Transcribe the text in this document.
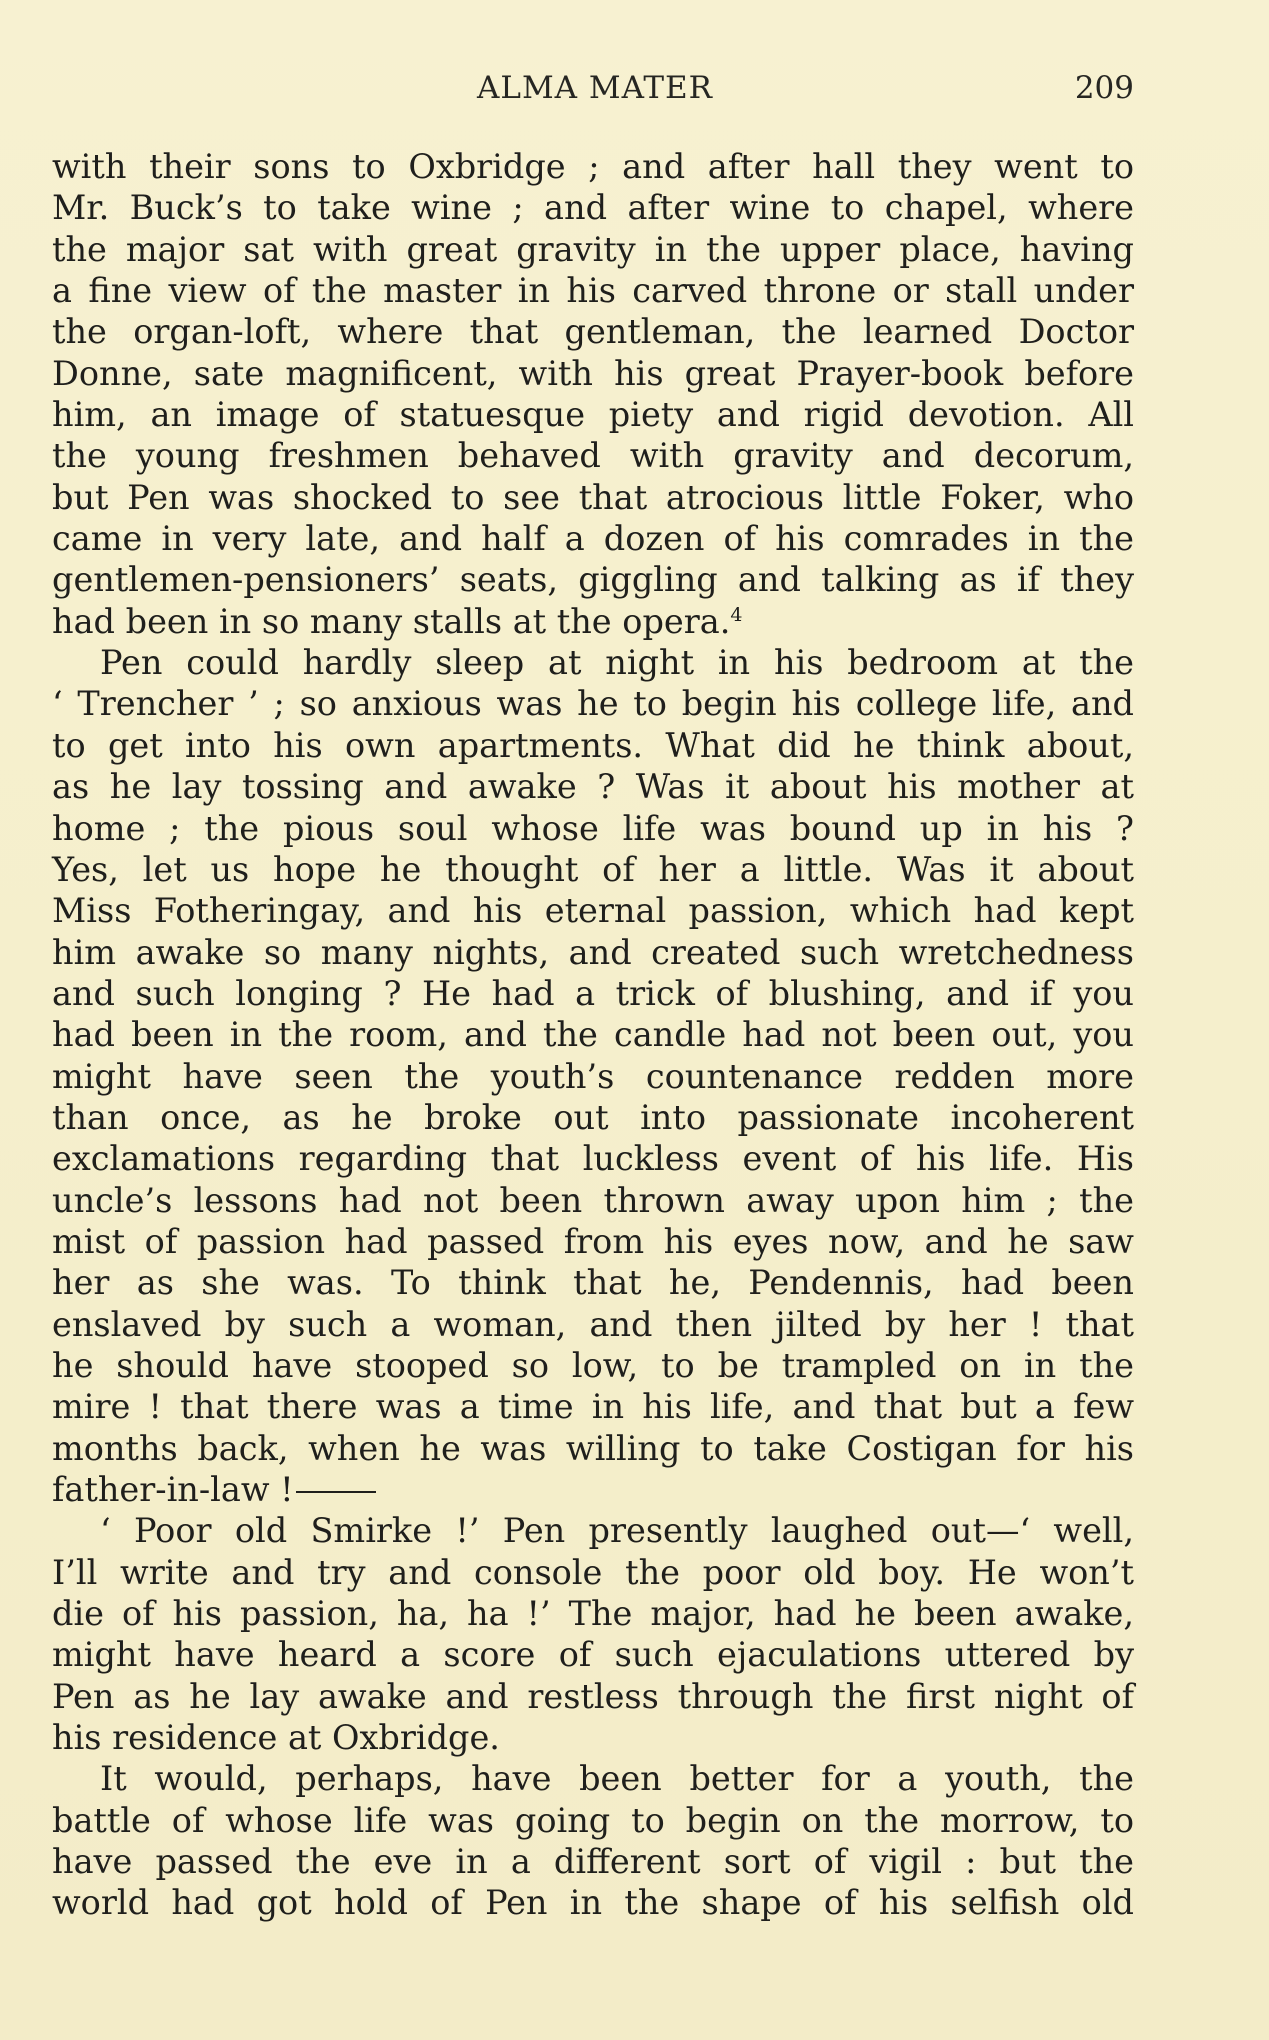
ALMA MATER	209
with their sons to Oxbridge ; and after hall they went to
Mr. Buck’s to take wine ; and after wine to chapel, where
the major sat with great gravity in the upper place, having
a fine view of the master in his carved throne or stall under
the organ-loft, where that gentleman, the learned Doctor
Donne, sate magnificent, with his great Prayer-book before
him, an image of statuesque piety and rigid devotion. All
the young freshmen behaved with gravity and decorum,
but Pen was shocked to see that atrocious little Foker, who
came in very late, and half a dozen of his comrades in the
gentlemen-pensioners’ seats, giggling and talking as if they
had been in so many stalls at the opera.$^4$
Pen could hardly sleep at night in his bedroom at the
‘ Trencher ’ ; so anxious was he to begin his college life, and
to get into his own apartments. What did he think about,
as he lay tossing and awake ? Was it about his mother at
home ; the pious soul whose life was bound up in his ?
Yes, let us hope he thought of her a little. Was it about
Miss Fotheringay, and his eternal passion, which had kept
him awake so many nights, and created such wretchedness
and such longing ? He had a trick of blushing, and if you
had been in the room, and the candle had not been out, you
might have seen the youth’s countenance redden more
than once, as he broke out into passionate incoherent
exclamations regarding that luckless event of his life. His
uncle’s lessons had not been thrown away upon him ; the
mist of passion had passed from his eyes now, and he saw
her as she was. To think that he, Pendennis, had been
enslaved by such a woman, and then jilted by her ! that
he should have stooped so low, to be trampled on in the
mire ! that there was a time in his life, and that but a few
months back, when he was willing to take Costigan for his
father-in-law !
‘ Poor old Smirke !’ Pen presently laughed out—‘ well,
I’ll write and try and console the poor old boy. He won’t
die of his passion, ha, ha !’ The major, had he been awake,
might have heard a score of such ejaculations uttered by
Pen as he lay awake and restless through the first night of
his residence at Oxbridge.
It would, perhaps, have been better for a youth, the
battle of whose life was going to begin on the morrow, to
have passed the eve in a different sort of vigil : but the
world had got hold of Pen in the shape of his selfish old
